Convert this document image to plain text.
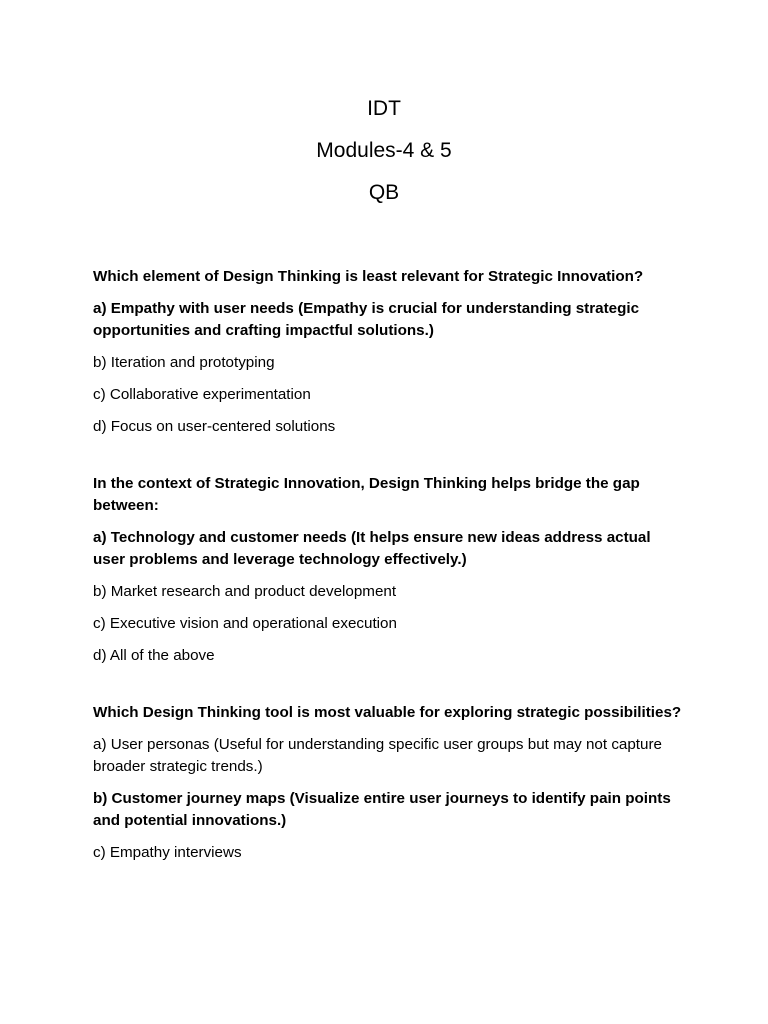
IDT
Modules-4 & 5
QB

Which element of Design Thinking is least relevant for Strategic Innovation?

a) Empathy with user needs (Empathy is crucial for understanding strategic opportunities and crafting impactful solutions.)

b) Iteration and prototyping

c) Collaborative experimentation

d) Focus on user-centered solutions

In the context of Strategic Innovation, Design Thinking helps bridge the gap between:

a) Technology and customer needs (It helps ensure new ideas address actual user problems and leverage technology effectively.)

b) Market research and product development

c) Executive vision and operational execution

d) All of the above

Which Design Thinking tool is most valuable for exploring strategic possibilities?

a) User personas (Useful for understanding specific user groups but may not capture broader strategic trends.)

b) Customer journey maps (Visualize entire user journeys to identify pain points and potential innovations.)

c) Empathy interviews
